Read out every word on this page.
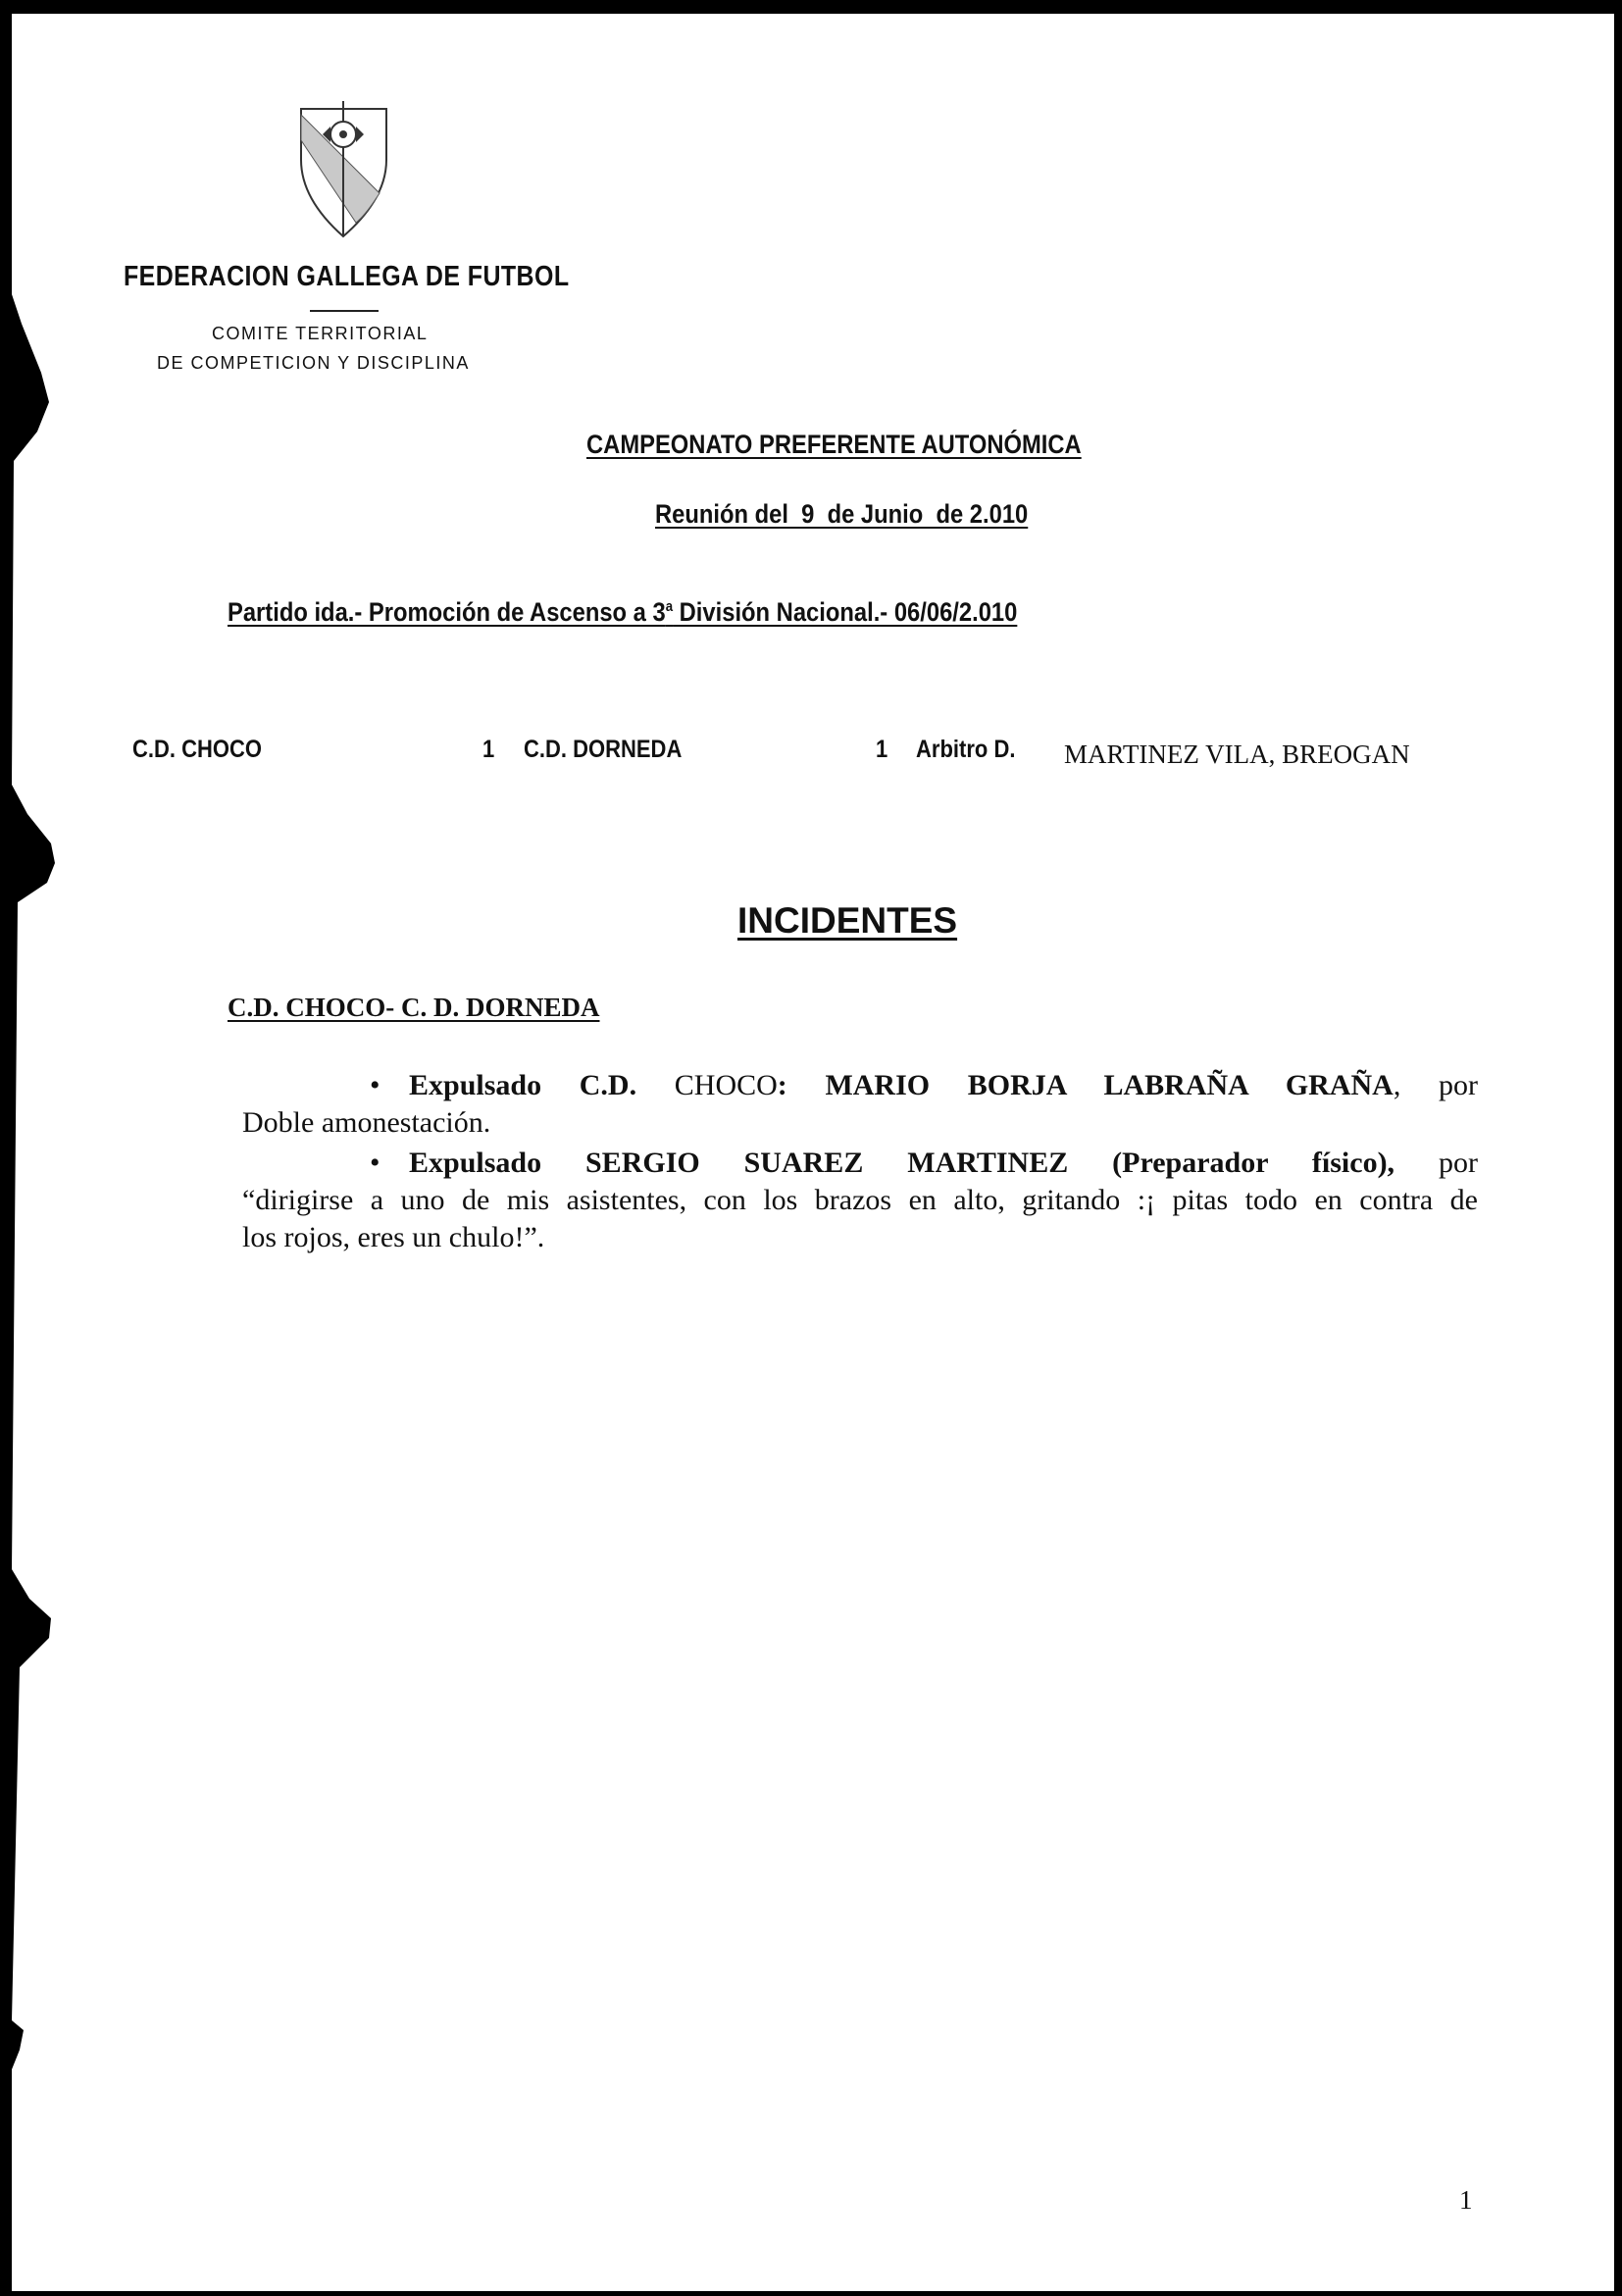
FEDERACION GALLEGA DE FUTBOL
COMITE TERRITORIAL
DE COMPETICION Y DISCIPLINA
CAMPEONATO PREFERENTE AUTONÓMICA
Reunión del  9  de Junio  de 2.010
Partido ida.- Promoción de Ascenso a 3$^a$ División Nacional.- 06/06/2.010
C.D. CHOCO	1 C.D. DORNEDA	1 Arbitro D. MARTINEZ VILA, BREOGAN
INCIDENTES
C.D. CHOCO- C. D. DORNEDA
• Expulsado C.D. CHOCO: MARIO BORJA LABRAÑA GRAÑA, por
Doble amonestación.
• Expulsado SERGIO SUAREZ MARTINEZ (Preparador físico), por
“dirigirse a uno de mis asistentes, con los brazos en alto, gritando :¡ pitas todo en contra de
los rojos, eres un chulo!”.
1
